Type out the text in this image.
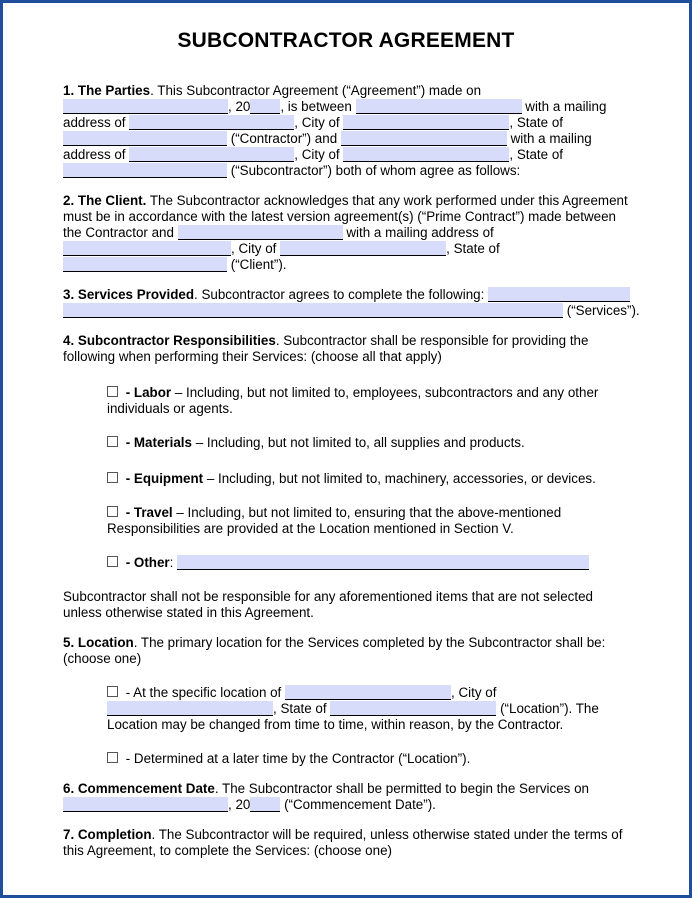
SUBCONTRACTOR AGREEMENT

1. The Parties. This Subcontractor Agreement (“Agreement”) made on

, 20 , is between	with a mailing

address of	, City of	, State of

(“Contractor”) and	with a mailing

address of	, City of	, State of

(“Subcontractor”) both of whom agree as follows:

2. The Client. The Subcontractor acknowledges that any work performed under this Agreement

must be in accordance with the latest version agreement(s) (“Prime Contract”) made between

the Contractor and	with a mailing address of

, City of	, State of

(“Client”).

3. Services Provided. Subcontractor agrees to complete the following:

(“Services”).

4. Subcontractor Responsibilities. Subcontractor shall be responsible for providing the

following when performing their Services: (choose all that apply)

- Labor – Including, but not limited to, employees, subcontractors and any other

individuals or agents.

- Materials – Including, but not limited to, all supplies and products.

- Equipment – Including, but not limited to, machinery, accessories, or devices.

- Travel – Including, but not limited to, ensuring that the above-mentioned

Responsibilities are provided at the Location mentioned in Section V.

- Other:

Subcontractor shall not be responsible for any aforementioned items that are not selected

unless otherwise stated in this Agreement.

5. Location. The primary location for the Services completed by the Subcontractor shall be:

(choose one)

- At the specific location of	, City of

, State of	(“Location”). The

Location may be changed from time to time, within reason, by the Contractor.

- Determined at a later time by the Contractor (“Location”).

6. Commencement Date. The Subcontractor shall be permitted to begin the Services on

, 20	(“Commencement Date”).

7. Completion. The Subcontractor will be required, unless otherwise stated under the terms of

this Agreement, to complete the Services: (choose one)
